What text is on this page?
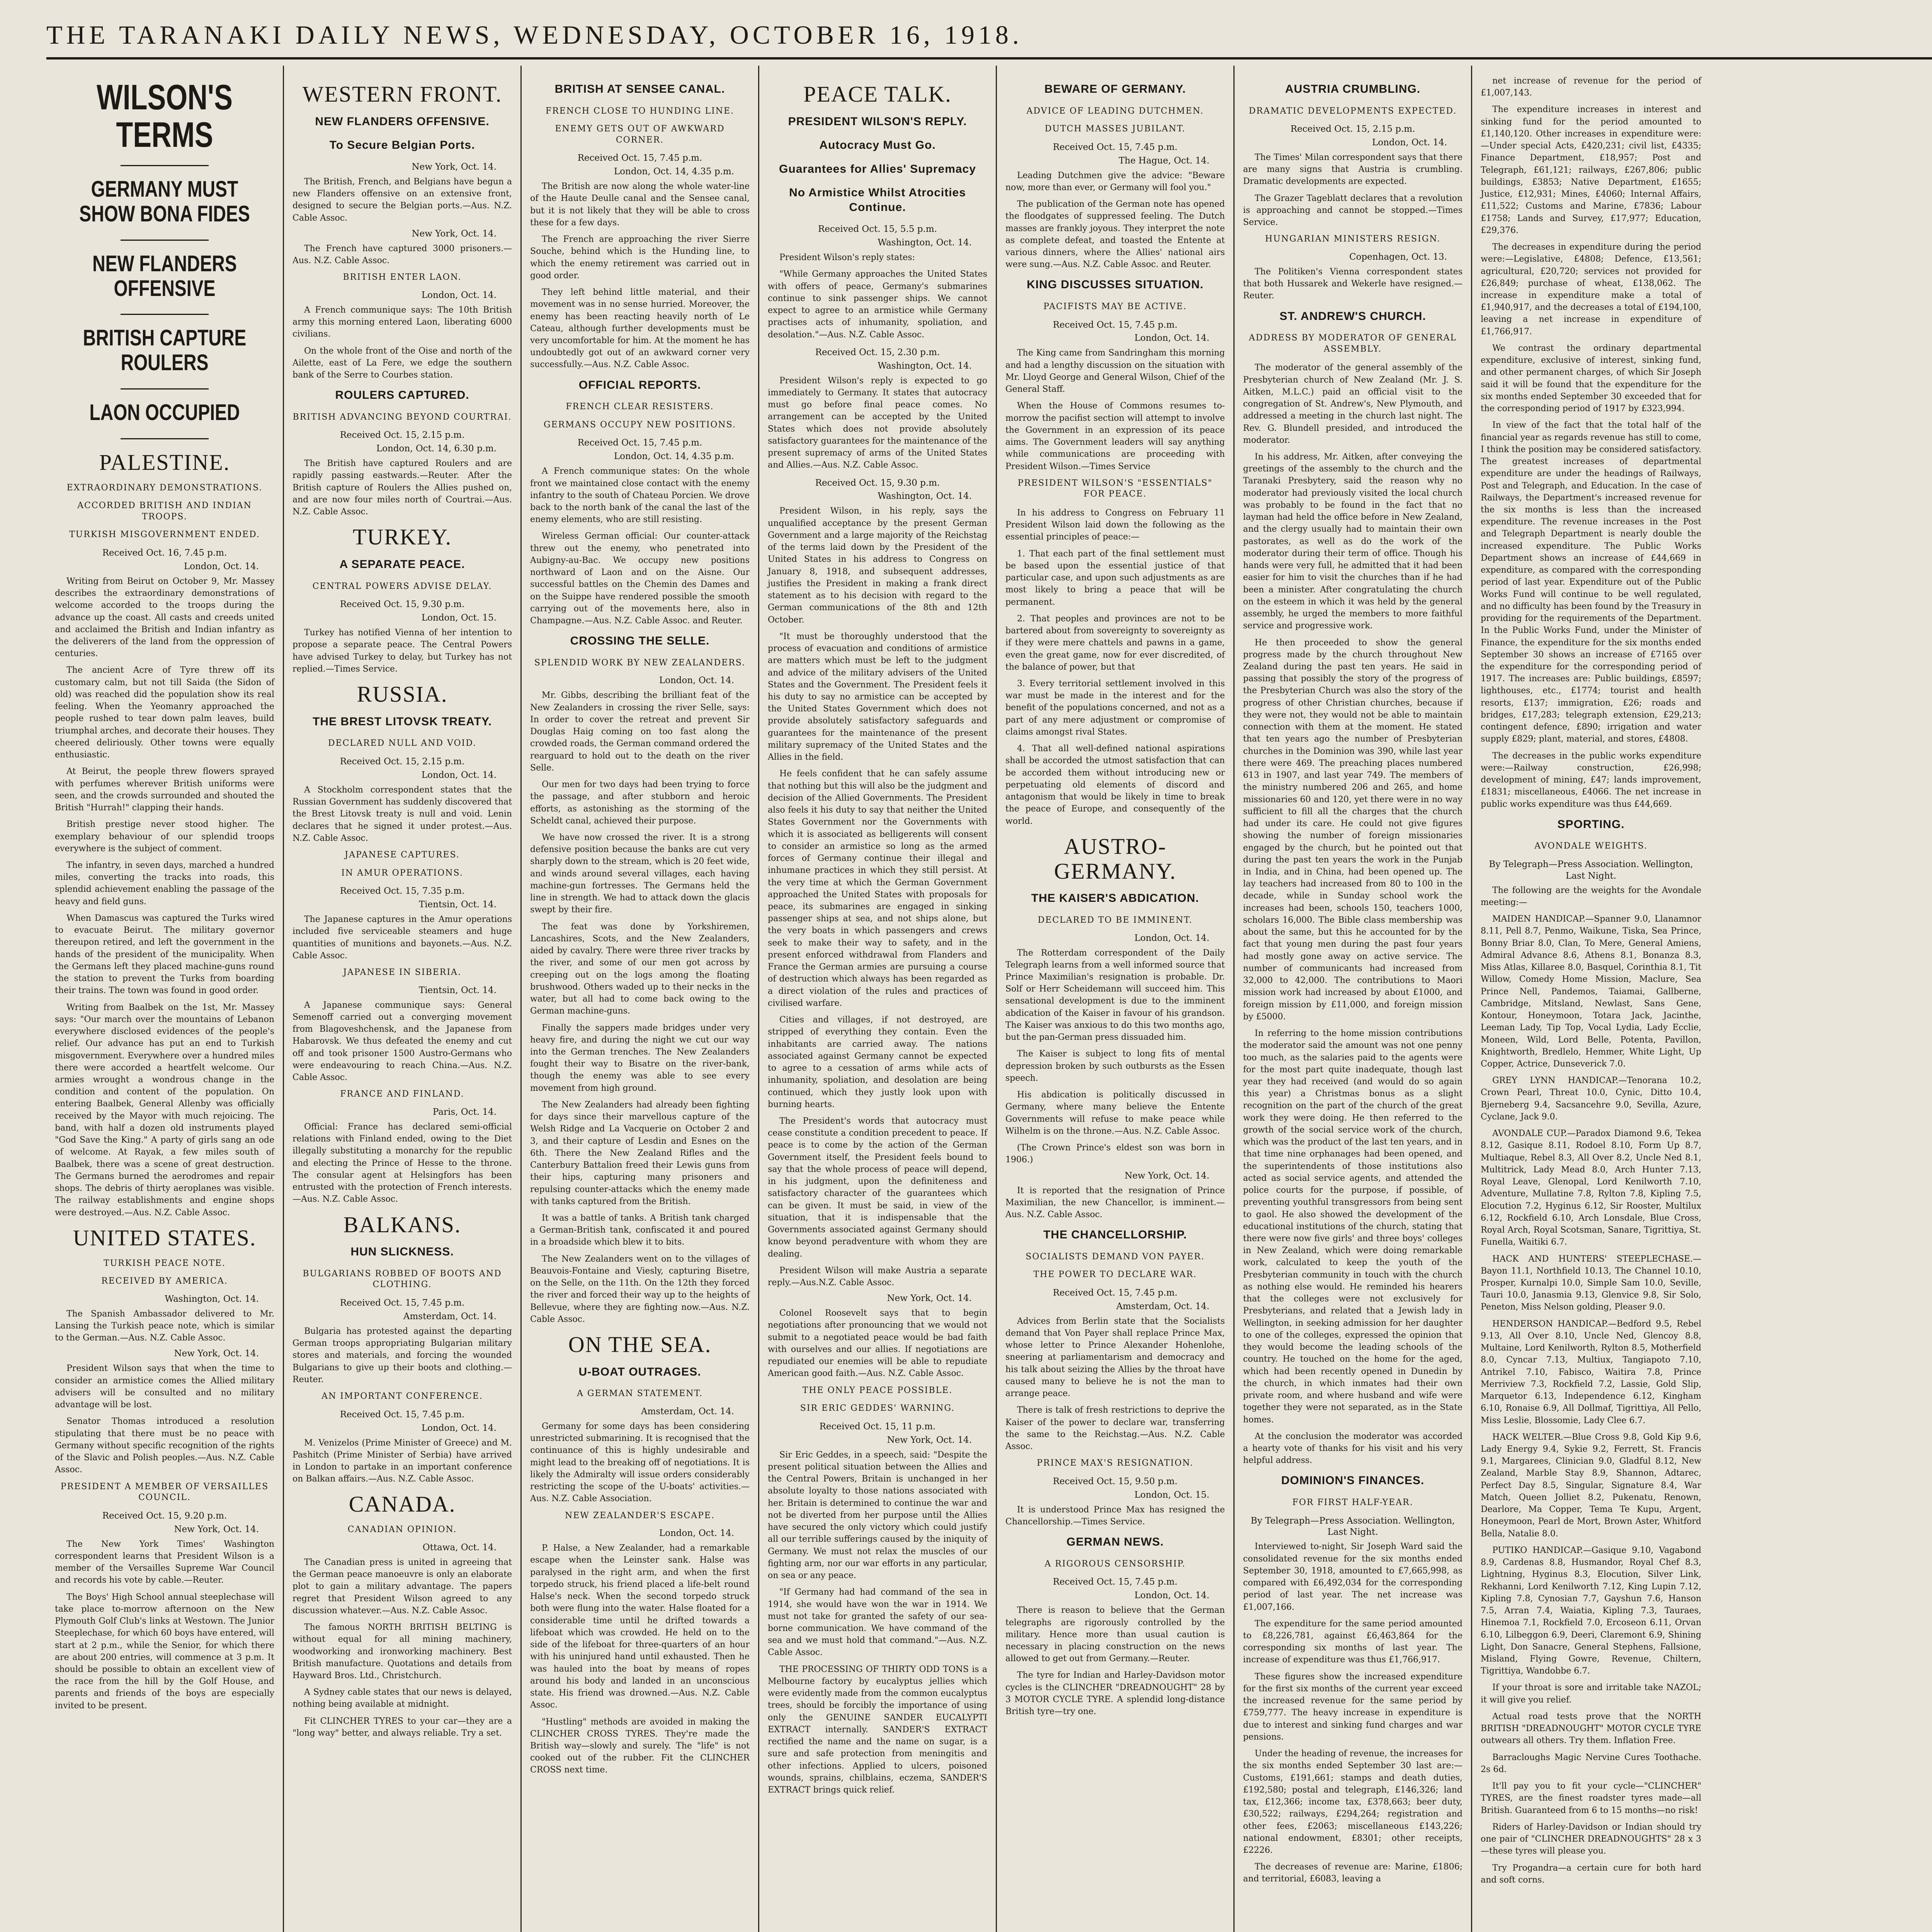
THE TARANAKI DAILY NEWS, WEDNESDAY, OCTOBER 16, 1918.
WILSON'S TERMS
GERMANY MUST SHOW BONA FIDES
NEW FLANDERS OFFENSIVE
BRITISH CAPTURE ROULERS
LAON OCCUPIED
PALESTINE.
EXTRAORDINARY DEMONSTRATIONS.
ACCORDED BRITISH AND INDIAN TROOPS.
TURKISH MISGOVERNMENT ENDED.
Received Oct. 16, 7.45 p.m.
London, Oct. 14.

Writing from Beirut on October 9, Mr. Massey describes the extraordinary demonstrations of welcome accorded to the troops during the advance up the coast. All casts and creeds united and acclaimed the British and Indian infantry as the deliverers of the land from the oppression of centuries.

The ancient Acre of Tyre threw off its customary calm, but not till Saida (the Sidon of old) was reached did the population show its real feeling. When the Yeomanry approached the people rushed to tear down palm leaves, build triumphal arches, and decorate their houses. They cheered deliriously. Other towns were equally enthusiastic.

At Beirut, the people threw flowers sprayed with perfumes wherever British uniforms were seen, and the crowds surrounded and shouted the British "Hurrah!" clapping their hands.

British prestige never stood higher. The exemplary behaviour of our splendid troops everywhere is the subject of comment.

The infantry, in seven days, marched a hundred miles, converting the tracks into roads, this splendid achievement enabling the passage of the heavy and field guns.

When Damascus was captured the Turks wired to evacuate Beirut. The military governor thereupon retired, and left the government in the hands of the president of the municipality. When the Germans left they placed machine-guns round the station to prevent the Turks from boarding their trains. The town was found in good order.

Writing from Baalbek on the 1st, Mr. Massey says: "Our march over the mountains of Lebanon everywhere disclosed evidences of the people's relief. Our advance has put an end to Turkish misgovernment. Everywhere over a hundred miles there were accorded a heartfelt welcome. Our armies wrought a wondrous change in the condition and content of the population. On entering Baalbek, General Allenby was officially received by the Mayor with much rejoicing. The band, with half a dozen old instruments played "God Save the King." A party of girls sang an ode of welcome. At Rayak, a few miles south of Baalbek, there was a scene of great destruction. The Germans burned the aerodromes and repair shops. The debris of thirty aeroplanes was visible. The railway establishments and engine shops were destroyed.—Aus. N.Z. Cable Assoc.

UNITED STATES.
TURKISH PEACE NOTE.
RECEIVED BY AMERICA.
Washington, Oct. 14.

The Spanish Ambassador delivered to Mr. Lansing the Turkish peace note, which is similar to the German.—Aus. N.Z. Cable Assoc.

New York, Oct. 14.

President Wilson says that when the time to consider an armistice comes the Allied military advisers will be consulted and no military advantage will be lost.

Senator Thomas introduced a resolution stipulating that there must be no peace with Germany without specific recognition of the rights of the Slavic and Polish peoples.—Aus. N.Z. Cable Assoc.

PRESIDENT A MEMBER OF VERSAILLES COUNCIL.
Received Oct. 15, 9.20 p.m.
New York, Oct. 14.

The New York Times' Washington correspondent learns that President Wilson is a member of the Versailles Supreme War Council and records his vote by cable.—Reuter.

The Boys' High School annual steeplechase will take place to-morrow afternoon on the New Plymouth Golf Club's links at Westown. The Junior Steeplechase, for which 60 boys have entered, will start at 2 p.m., while the Senior, for which there are about 200 entries, will commence at 3 p.m. It should be possible to obtain an excellent view of the race from the hill by the Golf House, and parents and friends of the boys are especially invited to be present.

WESTERN FRONT.
NEW FLANDERS OFFENSIVE.
To Secure Belgian Ports.
New York, Oct. 14.

The British, French, and Belgians have begun a new Flanders offensive on an extensive front, designed to secure the Belgian ports.—Aus. N.Z. Cable Assoc.

New York, Oct. 14.

The French have captured 3000 prisoners.—Aus. N.Z. Cable Assoc.

BRITISH ENTER LAON.
London, Oct. 14.

A French communique says: The 10th British army this morning entered Laon, liberating 6000 civilians.

On the whole front of the Oise and north of the Ailette, east of La Fere, we edge the southern bank of the Serre to Courbes station.

ROULERS CAPTURED.
BRITISH ADVANCING BEYOND COURTRAI.
Received Oct. 15, 2.15 p.m.
London, Oct. 14, 6.30 p.m.

The British have captured Roulers and are rapidly passing eastwards.—Reuter. After the British capture of Roulers the Allies pushed on, and are now four miles north of Courtrai.—Aus. N.Z. Cable Assoc.

TURKEY.
A SEPARATE PEACE.
CENTRAL POWERS ADVISE DELAY.
Received Oct. 15, 9.30 p.m.
London, Oct. 15.

Turkey has notified Vienna of her intention to propose a separate peace. The Central Powers have advised Turkey to delay, but Turkey has not replied.—Times Service.

RUSSIA.
THE BREST LITOVSK TREATY.
DECLARED NULL AND VOID.
Received Oct. 15, 2.15 p.m.
London, Oct. 14.

A Stockholm correspondent states that the Russian Government has suddenly discovered that the Brest Litovsk treaty is null and void. Lenin declares that he signed it under protest.—Aus. N.Z. Cable Assoc.

JAPANESE CAPTURES.
IN AMUR OPERATIONS.
Received Oct. 15, 7.35 p.m.
Tientsin, Oct. 14.

The Japanese captures in the Amur operations included five serviceable steamers and huge quantities of munitions and bayonets.—Aus. N.Z. Cable Assoc.

JAPANESE IN SIBERIA.
Tientsin, Oct. 14.

A Japanese communique says: General Semenoff carried out a converging movement from Blagoveshchensk, and the Japanese from Habarovsk. We thus defeated the enemy and cut off and took prisoner 1500 Austro-Germans who were endeavouring to reach China.—Aus. N.Z. Cable Assoc.

FRANCE AND FINLAND.
Paris, Oct. 14.

Official: France has declared semi-official relations with Finland ended, owing to the Diet illegally substituting a monarchy for the republic and electing the Prince of Hesse to the throne. The consular agent at Helsingfors has been entrusted with the protection of French interests.—Aus. N.Z. Cable Assoc.

BALKANS.
HUN SLICKNESS.
BULGARIANS ROBBED OF BOOTS AND CLOTHING.
Received Oct. 15, 7.45 p.m.
Amsterdam, Oct. 14.

Bulgaria has protested against the departing German troops appropriating Bulgarian military stores and materials, and forcing the wounded Bulgarians to give up their boots and clothing.—Reuter.

AN IMPORTANT CONFERENCE.
Received Oct. 15, 7.45 p.m.
London, Oct. 14.

M. Venizelos (Prime Minister of Greece) and M. Pashitch (Prime Minister of Serbia) have arrived in London to partake in an important conference on Balkan affairs.—Aus. N.Z. Cable Assoc.

CANADA.
CANADIAN OPINION.
Ottawa, Oct. 14.

The Canadian press is united in agreeing that the German peace manoeuvre is only an elaborate plot to gain a military advantage. The papers regret that President Wilson agreed to any discussion whatever.—Aus. N.Z. Cable Assoc.

The famous NORTH BRITISH BELTING is without equal for all mining machinery, woodworking and ironworking machinery. Best British manufacture. Quotations and details from Hayward Bros. Ltd., Christchurch.

A Sydney cable states that our news is delayed, nothing being available at midnight.

Fit CLINCHER TYRES to your car—they are a "long way" better, and always reliable. Try a set.

BRITISH AT SENSEE CANAL.
FRENCH CLOSE TO HUNDING LINE.
ENEMY GETS OUT OF AWKWARD CORNER.
Received Oct. 15, 7.45 p.m.
London, Oct. 14, 4.35 p.m.

The British are now along the whole water-line of the Haute Deulle canal and the Sensee canal, but it is not likely that they will be able to cross these for a few days.

The French are approaching the river Sierre Souche, behind which is the Hunding line, to which the enemy retirement was carried out in good order.

They left behind little material, and their movement was in no sense hurried. Moreover, the enemy has been reacting heavily north of Le Cateau, although further developments must be very uncomfortable for him. At the moment he has undoubtedly got out of an awkward corner very successfully.—Aus. N.Z. Cable Assoc.

OFFICIAL REPORTS.
FRENCH CLEAR RESISTERS.
GERMANS OCCUPY NEW POSITIONS.
Received Oct. 15, 7.45 p.m.
London, Oct. 14, 4.35 p.m.

A French communique states: On the whole front we maintained close contact with the enemy infantry to the south of Chateau Porcien. We drove back to the north bank of the canal the last of the enemy elements, who are still resisting.

Wireless German official: Our counter-attack threw out the enemy, who penetrated into Aubigny-au-Bac. We occupy new positions northward of Laon and on the Aisne. Our successful battles on the Chemin des Dames and on the Suippe have rendered possible the smooth carrying out of the movements here, also in Champagne.—Aus. N.Z. Cable Assoc. and Reuter.

CROSSING THE SELLE.
SPLENDID WORK BY NEW ZEALANDERS.
London, Oct. 14.

Mr. Gibbs, describing the brilliant feat of the New Zealanders in crossing the river Selle, says: In order to cover the retreat and prevent Sir Douglas Haig coming on too fast along the crowded roads, the German command ordered the rearguard to hold out to the death on the river Selle.

Our men for two days had been trying to force the passage, and after stubborn and heroic efforts, as astonishing as the storming of the Scheldt canal, achieved their purpose.

We have now crossed the river. It is a strong defensive position because the banks are cut very sharply down to the stream, which is 20 feet wide, and winds around several villages, each having machine-gun fortresses. The Germans held the line in strength. We had to attack down the glacis swept by their fire.

The feat was done by Yorkshiremen, Lancashires, Scots, and the New Zealanders, aided by cavalry. There were three river tracks by the river, and some of our men got across by creeping out on the logs among the floating brushwood. Others waded up to their necks in the water, but all had to come back owing to the German machine-guns.

Finally the sappers made bridges under very heavy fire, and during the night we cut our way into the German trenches. The New Zealanders fought their way to Bisatre on the river-bank, though the enemy was able to see every movement from high ground.

The New Zealanders had already been fighting for days since their marvellous capture of the Welsh Ridge and La Vacquerie on October 2 and 3, and their capture of Lesdin and Esnes on the 6th. There the New Zealand Rifles and the Canterbury Battalion freed their Lewis guns from their hips, capturing many prisoners and repulsing counter-attacks which the enemy made with tanks captured from the British.

It was a battle of tanks. A British tank charged a German-British tank, confiscated it and poured in a broadside which blew it to bits.

The New Zealanders went on to the villages of Beauvois-Fontaine and Viesly, capturing Bisetre, on the Selle, on the 11th. On the 12th they forced the river and forced their way up to the heights of Bellevue, where they are fighting now.—Aus. N.Z. Cable Assoc.

ON THE SEA.
U-BOAT OUTRAGES.
A GERMAN STATEMENT.
Amsterdam, Oct. 14.

Germany for some days has been considering unrestricted submarining. It is recognised that the continuance of this is highly undesirable and might lead to the breaking off of negotiations. It is likely the Admiralty will issue orders considerably restricting the scope of the U-boats' activities.—Aus. N.Z. Cable Association.

NEW ZEALANDER'S ESCAPE.
London, Oct. 14.

P. Halse, a New Zealander, had a remarkable escape when the Leinster sank. Halse was paralysed in the right arm, and when the first torpedo struck, his friend placed a life-belt round Halse's neck. When the second torpedo struck both were flung into the water. Halse floated for a considerable time until he drifted towards a lifeboat which was crowded. He held on to the side of the lifeboat for three-quarters of an hour with his uninjured hand until exhausted. Then he was hauled into the boat by means of ropes around his body and landed in an unconscious state. His friend was drowned.—Aus. N.Z. Cable Assoc.

"Hustling" methods are avoided in making the CLINCHER CROSS TYRES. They're made the British way—slowly and surely. The "life" is not cooked out of the rubber. Fit the CLINCHER CROSS next time.

PEACE TALK.
PRESIDENT WILSON'S REPLY.
Autocracy Must Go.
Guarantees for Allies' Supremacy
No Armistice Whilst Atrocities Continue.
Received Oct. 15, 5.5 p.m.
Washington, Oct. 14.

President Wilson's reply states:

"While Germany approaches the United States with offers of peace, Germany's submarines continue to sink passenger ships. We cannot expect to agree to an armistice while Germany practises acts of inhumanity, spoliation, and desolation."—Aus. N.Z. Cable Assoc.

Received Oct. 15, 2.30 p.m.
Washington, Oct. 14.

President Wilson's reply is expected to go immediately to Germany. It states that autocracy must go before final peace comes. No arrangement can be accepted by the United States which does not provide absolutely satisfactory guarantees for the maintenance of the present supremacy of arms of the United States and Allies.—Aus. N.Z. Cable Assoc.

Received Oct. 15, 9.30 p.m.
Washington, Oct. 14.

President Wilson, in his reply, says the unqualified acceptance by the present German Government and a large majority of the Reichstag of the terms laid down by the President of the United States in his address to Congress on January 8, 1918, and subsequent addresses, justifies the President in making a frank direct statement as to his decision with regard to the German communications of the 8th and 12th October.

"It must be thoroughly understood that the process of evacuation and conditions of armistice are matters which must be left to the judgment and advice of the military advisers of the United States and the Government. The President feels it his duty to say no armistice can be accepted by the United States Government which does not provide absolutely satisfactory safeguards and guarantees for the maintenance of the present military supremacy of the United States and the Allies in the field.

He feels confident that he can safely assume that nothing but this will also be the judgment and decision of the Allied Governments. The President also feels it his duty to say that neither the United States Government nor the Governments with which it is associated as belligerents will consent to consider an armistice so long as the armed forces of Germany continue their illegal and inhumane practices in which they still persist. At the very time at which the German Government approached the United States with proposals for peace, its submarines are engaged in sinking passenger ships at sea, and not ships alone, but the very boats in which passengers and crews seek to make their way to safety, and in the present enforced withdrawal from Flanders and France the German armies are pursuing a course of destruction which always has been regarded as a direct violation of the rules and practices of civilised warfare.

Cities and villages, if not destroyed, are stripped of everything they contain. Even the inhabitants are carried away. The nations associated against Germany cannot be expected to agree to a cessation of arms while acts of inhumanity, spoliation, and desolation are being continued, which they justly look upon with burning hearts.

The President's words that autocracy must cease constitute a condition precedent to peace. If peace is to come by the action of the German Government itself, the President feels bound to say that the whole process of peace will depend, in his judgment, upon the definiteness and satisfactory character of the guarantees which can be given. It must be said, in view of the situation, that it is indispensable that the Governments associated against Germany should know beyond peradventure with whom they are dealing.

President Wilson will make Austria a separate reply.—Aus.N.Z. Cable Assoc.

New York, Oct. 14.

Colonel Roosevelt says that to begin negotiations after pronouncing that we would not submit to a negotiated peace would be bad faith with ourselves and our allies. If negotiations are repudiated our enemies will be able to repudiate American good faith.—Aus. N.Z. Cable Assoc.

THE ONLY PEACE POSSIBLE.
SIR ERIC GEDDES' WARNING.
Received Oct. 15, 11 p.m.
New York, Oct. 14.

Sir Eric Geddes, in a speech, said: "Despite the present political situation between the Allies and the Central Powers, Britain is unchanged in her absolute loyalty to those nations associated with her. Britain is determined to continue the war and not be diverted from her purpose until the Allies have secured the only victory which could justify all our terrible sufferings caused by the iniquity of Germany. We must not relax the muscles of our fighting arm, nor our war efforts in any particular, on sea or any peace.

"If Germany had had command of the sea in 1914, she would have won the war in 1914. We must not take for granted the safety of our sea-borne communication. We have command of the sea and we must hold that command."—Aus. N.Z. Cable Assoc.

THE PROCESSING OF THIRTY ODD TONS is a Melbourne factory by eucalyptus jellies which were evidently made from the common eucalyptus trees, should be forcibly the importance of using only the GENUINE SANDER EUCALYPTI EXTRACT internally. SANDER'S EXTRACT rectified the name and the name on sugar, is a sure and safe protection from meningitis and other infections. Applied to ulcers, poisoned wounds, sprains, chilblains, eczema, SANDER'S EXTRACT brings quick relief.

BEWARE OF GERMANY.
ADVICE OF LEADING DUTCHMEN.
DUTCH MASSES JUBILANT.
Received Oct. 15, 7.45 p.m.
The Hague, Oct. 14.

Leading Dutchmen give the advice: "Beware now, more than ever, or Germany will fool you."

The publication of the German note has opened the floodgates of suppressed feeling. The Dutch masses are frankly joyous. They interpret the note as complete defeat, and toasted the Entente at various dinners, where the Allies' national airs were sung.—Aus. N.Z. Cable Assoc. and Reuter.

KING DISCUSSES SITUATION.
PACIFISTS MAY BE ACTIVE.
Received Oct. 15, 7.45 p.m.
London, Oct. 14.

The King came from Sandringham this morning and had a lengthy discussion on the situation with Mr. Lloyd George and General Wilson, Chief of the General Staff.

When the House of Commons resumes to-morrow the pacifist section will attempt to involve the Government in an expression of its peace aims. The Government leaders will say anything while communications are proceeding with President Wilson.—Times Service

PRESIDENT WILSON'S "ESSENTIALS" FOR PEACE.

In his address to Congress on February 11 President Wilson laid down the following as the essential principles of peace:—

1. That each part of the final settlement must be based upon the essential justice of that particular case, and upon such adjustments as are most likely to bring a peace that will be permanent.

2. That peoples and provinces are not to be bartered about from sovereignty to sovereignty as if they were mere chattels and pawns in a game, even the great game, now for ever discredited, of the balance of power, but that

3. Every territorial settlement involved in this war must be made in the interest and for the benefit of the populations concerned, and not as a part of any mere adjustment or compromise of claims amongst rival States.

4. That all well-defined national aspirations shall be accorded the utmost satisfaction that can be accorded them without introducing new or perpetuating old elements of discord and antagonism that would be likely in time to break the peace of Europe, and consequently of the world.

AUSTRO-GERMANY.
THE KAISER'S ABDICATION.
DECLARED TO BE IMMINENT.
London, Oct. 14.

The Rotterdam correspondent of the Daily Telegraph learns from a well informed source that Prince Maximilian's resignation is probable. Dr. Solf or Herr Scheidemann will succeed him. This sensational development is due to the imminent abdication of the Kaiser in favour of his grandson. The Kaiser was anxious to do this two months ago, but the pan-German press dissuaded him.

The Kaiser is subject to long fits of mental depression broken by such outbursts as the Essen speech.

His abdication is politically discussed in Germany, where many believe the Entente Governments will refuse to make peace while Wilhelm is on the throne.—Aus. N.Z. Cable Assoc.

(The Crown Prince's eldest son was born in 1906.)

New York, Oct. 14.

It is reported that the resignation of Prince Maximilian, the new Chancellor, is imminent.—Aus. N.Z. Cable Assoc.

THE CHANCELLORSHIP.
SOCIALISTS DEMAND VON PAYER.
THE POWER TO DECLARE WAR.
Received Oct. 15, 7.45 p.m.
Amsterdam, Oct. 14.

Advices from Berlin state that the Socialists demand that Von Payer shall replace Prince Max, whose letter to Prince Alexander Hohenlohe, sneering at parliamentarism and democracy and his talk about seizing the Allies by the throat have caused many to believe he is not the man to arrange peace.

There is talk of fresh restrictions to deprive the Kaiser of the power to declare war, transferring the same to the Reichstag.—Aus. N.Z. Cable Assoc.

PRINCE MAX'S RESIGNATION.
Received Oct. 15, 9.50 p.m.
London, Oct. 15.

It is understood Prince Max has resigned the Chancellorship.—Times Service.

GERMAN NEWS.
A RIGOROUS CENSORSHIP.
Received Oct. 15, 7.45 p.m.
London, Oct. 14.

There is reason to believe that the German telegraphs are rigorously controlled by the military. Hence more than usual caution is necessary in placing construction on the news allowed to get out from Germany.—Reuter.

The tyre for Indian and Harley-Davidson motor cycles is the CLINCHER "DREADNOUGHT" 28 by 3 MOTOR CYCLE TYRE. A splendid long-distance British tyre—try one.

AUSTRIA CRUMBLING.
DRAMATIC DEVELOPMENTS EXPECTED.
Received Oct. 15, 2.15 p.m.
London, Oct. 14.

The Times' Milan correspondent says that there are many signs that Austria is crumbling. Dramatic developments are expected.

The Grazer Tageblatt declares that a revolution is approaching and cannot be stopped.—Times Service.

HUNGARIAN MINISTERS RESIGN.
Copenhagen, Oct. 13.

The Politiken's Vienna correspondent states that both Hussarek and Wekerle have resigned.—Reuter.

ST. ANDREW'S CHURCH.
ADDRESS BY MODERATOR OF GENERAL ASSEMBLY.

The moderator of the general assembly of the Presbyterian church of New Zealand (Mr. J. S. Aitken, M.L.C.) paid an official visit to the congregation of St. Andrew's, New Plymouth, and addressed a meeting in the church last night. The Rev. G. Blundell presided, and introduced the moderator.

In his address, Mr. Aitken, after conveying the greetings of the assembly to the church and the Taranaki Presbytery, said the reason why no moderator had previously visited the local church was probably to be found in the fact that no layman had held the office before in New Zealand, and the clergy usually had to maintain their own pastorates, as well as do the work of the moderator during their term of office. Though his hands were very full, he admitted that it had been easier for him to visit the churches than if he had been a minister. After congratulating the church on the esteem in which it was held by the general assembly, he urged the members to more faithful service and progressive work.

He then proceeded to show the general progress made by the church throughout New Zealand during the past ten years. He said in passing that possibly the story of the progress of the Presbyterian Church was also the story of the progress of other Christian churches, because if they were not, they would not be able to maintain connection with them at the moment. He stated that ten years ago the number of Presbyterian churches in the Dominion was 390, while last year there were 469. The preaching places numbered 613 in 1907, and last year 749. The members of the ministry numbered 206 and 265, and home missionaries 60 and 120, yet there were in no way sufficient to fill all the charges that the church had under its care. He could not give figures showing the number of foreign missionaries engaged by the church, but he pointed out that during the past ten years the work in the Punjab in India, and in China, had been opened up. The lay teachers had increased from 80 to 100 in the decade, while in Sunday school work the increases had been, schools 150, teachers 1000, scholars 16,000. The Bible class membership was about the same, but this he accounted for by the fact that young men during the past four years had mostly gone away on active service. The number of communicants had increased from 32,000 to 42,000. The contributions to Maori mission work had increased by about £1000, and foreign mission by £11,000, and foreign mission by £5000.

In referring to the home mission contributions the moderator said the amount was not one penny too much, as the salaries paid to the agents were for the most part quite inadequate, though last year they had received (and would do so again this year) a Christmas bonus as a slight recognition on the part of the church of the great work they were doing. He then referred to the growth of the social service work of the church, which was the product of the last ten years, and in that time nine orphanages had been opened, and the superintendents of those institutions also acted as social service agents, and attended the police courts for the purpose, if possible, of preventing youthful transgressors from being sent to gaol. He also showed the development of the educational institutions of the church, stating that there were now five girls' and three boys' colleges in New Zealand, which were doing remarkable work, calculated to keep the youth of the Presbyterian community in touch with the church as nothing else would. He reminded his hearers that the colleges were not exclusively for Presbyterians, and related that a Jewish lady in Wellington, in seeking admission for her daughter to one of the colleges, expressed the opinion that they would become the leading schools of the country. He touched on the home for the aged, which had been recently opened in Dunedin by the church, in which inmates had their own private room, and where husband and wife were together they were not separated, as in the State homes.

At the conclusion the moderator was accorded a hearty vote of thanks for his visit and his very helpful address.

DOMINION'S FINANCES.
FOR FIRST HALF-YEAR.
By Telegraph—Press Association. Wellington, Last Night.

Interviewed to-night, Sir Joseph Ward said the consolidated revenue for the six months ended September 30, 1918, amounted to £7,665,998, as compared with £6,492,034 for the corresponding period of last year. The net increase was £1,007,166.

The expenditure for the same period amounted to £8,226,781, against £6,463,864 for the corresponding six months of last year. The increase of expenditure was thus £1,766,917.

These figures show the increased expenditure for the first six months of the current year exceed the increased revenue for the same period by £759,777. The heavy increase in expenditure is due to interest and sinking fund charges and war pensions.

Under the heading of revenue, the increases for the six months ended September 30 last are:—Customs, £191,661; stamps and death duties, £192,580; postal and telegraph, £146,326; land tax, £12,366; income tax, £378,663; beer duty, £30,522; railways, £294,264; registration and other fees, £2063; miscellaneous £143,226; national endowment, £8301; other receipts, £2226.

The decreases of revenue are: Marine, £1806; and territorial, £6083, leaving a

net increase of revenue for the period of £1,007,143.

The expenditure increases in interest and sinking fund for the period amounted to £1,140,120. Other increases in expenditure were:—Under special Acts, £420,231; civil list, £4335; Finance Department, £18,957; Post and Telegraph, £61,121; railways, £267,806; public buildings, £3853; Native Department, £1655; Justice, £12,931; Mines, £4060; Internal Affairs, £11,522; Customs and Marine, £7836; Labour £1758; Lands and Survey, £17,977; Education, £29,376.

The decreases in expenditure during the period were:—Legislative, £4808; Defence, £13,561; agricultural, £20,720; services not provided for £26,849; purchase of wheat, £138,062. The increase in expenditure make a total of £1,940,917, and the decreases a total of £194,100, leaving a net increase in expenditure of £1,766,917.

We contrast the ordinary departmental expenditure, exclusive of interest, sinking fund, and other permanent charges, of which Sir Joseph said it will be found that the expenditure for the six months ended September 30 exceeded that for the corresponding period of 1917 by £323,994.

In view of the fact that the total half of the financial year as regards revenue has still to come, I think the position may be considered satisfactory. The greatest increases of departmental expenditure are under the headings of Railways, Post and Telegraph, and Education. In the case of Railways, the Department's increased revenue for the six months is less than the increased expenditure. The revenue increases in the Post and Telegraph Department is nearly double the increased expenditure. The Public Works Department shows an increase of £44,669 in expenditure, as compared with the corresponding period of last year. Expenditure out of the Public Works Fund will continue to be well regulated, and no difficulty has been found by the Treasury in providing for the requirements of the Department. In the Public Works Fund, under the Minister of Finance, the expenditure for the six months ended September 30 shows an increase of £7165 over the expenditure for the corresponding period of 1917. The increases are: Public buildings, £8597; lighthouses, etc., £1774; tourist and health resorts, £137; immigration, £26; roads and bridges, £17,283; telegraph extension, £29,213; contingent defence, £890; irrigation and water supply £829; plant, material, and stores, £4808.

The decreases in the public works expenditure were:—Railway construction, £26,998; development of mining, £47; lands improvement, £1831; miscellaneous, £4066. The net increase in public works expenditure was thus £44,669.

SPORTING.
AVONDALE WEIGHTS.
By Telegraph—Press Association. Wellington, Last Night.

The following are the weights for the Avondale meeting:—

MAIDEN HANDICAP.—Spanner 9.0, Llanamnor 8.11, Pell 8.7, Penmo, Waikune, Tiska, Sea Prince, Bonny Briar 8.0, Clan, To Mere, General Amiens, Admiral Advance 8.6, Athens 8.1, Bonanza 8.3, Miss Atlas, Killaree 8.0, Basquel, Corinthia 8.1, Tit Willow, Comedy Home Mission, Maclure, Sea Prince Nell, Pandemos, Taiamai, Gallberne, Cambridge, Mitsland, Newlast, Sans Gene, Kontour, Honeymoon, Totara Jack, Jacinthe, Leeman Lady, Tip Top, Vocal Lydia, Lady Ecclie, Moneen, Wild, Lord Belle, Potenta, Pavillon, Knightworth, Bredlelo, Hemmer, White Light, Up Copper, Actrice, Dunseverick 7.0.

GREY LYNN HANDICAP.—Tenorana 10.2, Crown Pearl, Threat 10.0, Cynic, Ditto 10.4, Bjerneberg 9.4, Sacsancehre 9.0, Sevilla, Azure, Cyclane, Jack 9.0.

AVONDALE CUP.—Paradox Diamond 9.6, Tekea 8.12, Gasique 8.11, Rodoel 8.10, Form Up 8.7, Multiaque, Rebel 8.3, All Over 8.2, Uncle Ned 8.1, Multitrick, Lady Mead 8.0, Arch Hunter 7.13, Royal Leave, Glenopal, Lord Kenilworth 7.10, Adventure, Mullatine 7.8, Rylton 7.8, Kipling 7.5, Elocution 7.2, Hyginus 6.12, Sir Rooster, Multilux 6.12, Rockfield 6.10, Arch Lonsdale, Blue Cross, Royal Arch, Royal Scotsman, Sanare, Tigrittiya, St. Funella, Waitiki 6.7.

HACK AND HUNTERS' STEEPLECHASE.—Bayon 11.1, Northfield 10.13, The Channel 10.10, Prosper, Kurnalpi 10.0, Simple Sam 10.0, Seville, Tauri 10.0, Janasmia 9.13, Glenvice 9.8, Sir Solo, Peneton, Miss Nelson golding, Pleaser 9.0.

HENDERSON HANDICAP.—Bedford 9.5, Rebel 9.13, All Over 8.10, Uncle Ned, Glencoy 8.8, Multaine, Lord Kenilworth, Rylton 8.5, Motherfield 8.0, Cyncar 7.13, Multiux, Tangiapoto 7.10, Antrikel 7.10, Fabisco, Waitira 7.8, Prince Merriview 7.3, Rockfield 7.2, Lassie, Gold Slip, Marquetor 6.13, Independence 6.12, Kingham 6.10, Ronaise 6.9, All Dollmaf, Tigrittiya, All Pello, Miss Leslie, Blossomie, Lady Clee 6.7.

HACK WELTER.—Blue Cross 9.8, Gold Kip 9.6, Lady Energy 9.4, Sykie 9.2, Ferrett, St. Francis 9.1, Margarees, Clinician 9.0, Gladful 8.12, New Zealand, Marble Stay 8.9, Shannon, Adtarec, Perfect Day 8.5, Singular, Signature 8.4, War Match, Queen Jolliet 8.2, Pukenatu, Renown, Dearlore, Ma Copper, Tema Te Kupu, Argent, Honeymoon, Pearl de Mort, Brown Aster, Whitford Bella, Natalie 8.0.

PUTIKO HANDICAP.—Gasique 9.10, Vagabond 8.9, Cardenas 8.8, Husmandor, Royal Chef 8.3, Lightning, Hyginus 8.3, Elocution, Silver Link, Rekhanni, Lord Kenilworth 7.12, King Lupin 7.12, Kipling 7.8, Cynosian 7.7, Gayshun 7.6, Hanson 7.5, Arran 7.4, Waiatia, Kipling 7.3, Tauraes, Hinemoa 7.1, Rockfield 7.0, Ercoseon 6.11, Orvan 6.10, Lilbeggon 6.9, Deeri, Claremont 6.9, Shining Light, Don Sanacre, General Stephens, Fallsione, Misland, Flying Gowre, Revenue, Chiltern, Tigrittiya, Wandobbe 6.7.

If your throat is sore and irritable take NAZOL; it will give you relief.

Actual road tests prove that the NORTH BRITISH "DREADNOUGHT" MOTOR CYCLE TYRE outwears all others. Try them. Inflation Free.

Barracloughs Magic Nervine Cures Toothache. 2s 6d.

It'll pay you to fit your cycle—"CLINCHER" TYRES, are the finest roadster tyres made—all British. Guaranteed from 6 to 15 months—no risk!

Riders of Harley-Davidson or Indian should try one pair of "CLINCHER DREADNOUGHTS" 28 x 3—these tyres will please you.

Try Progandra—a certain cure for both hard and soft corns.
